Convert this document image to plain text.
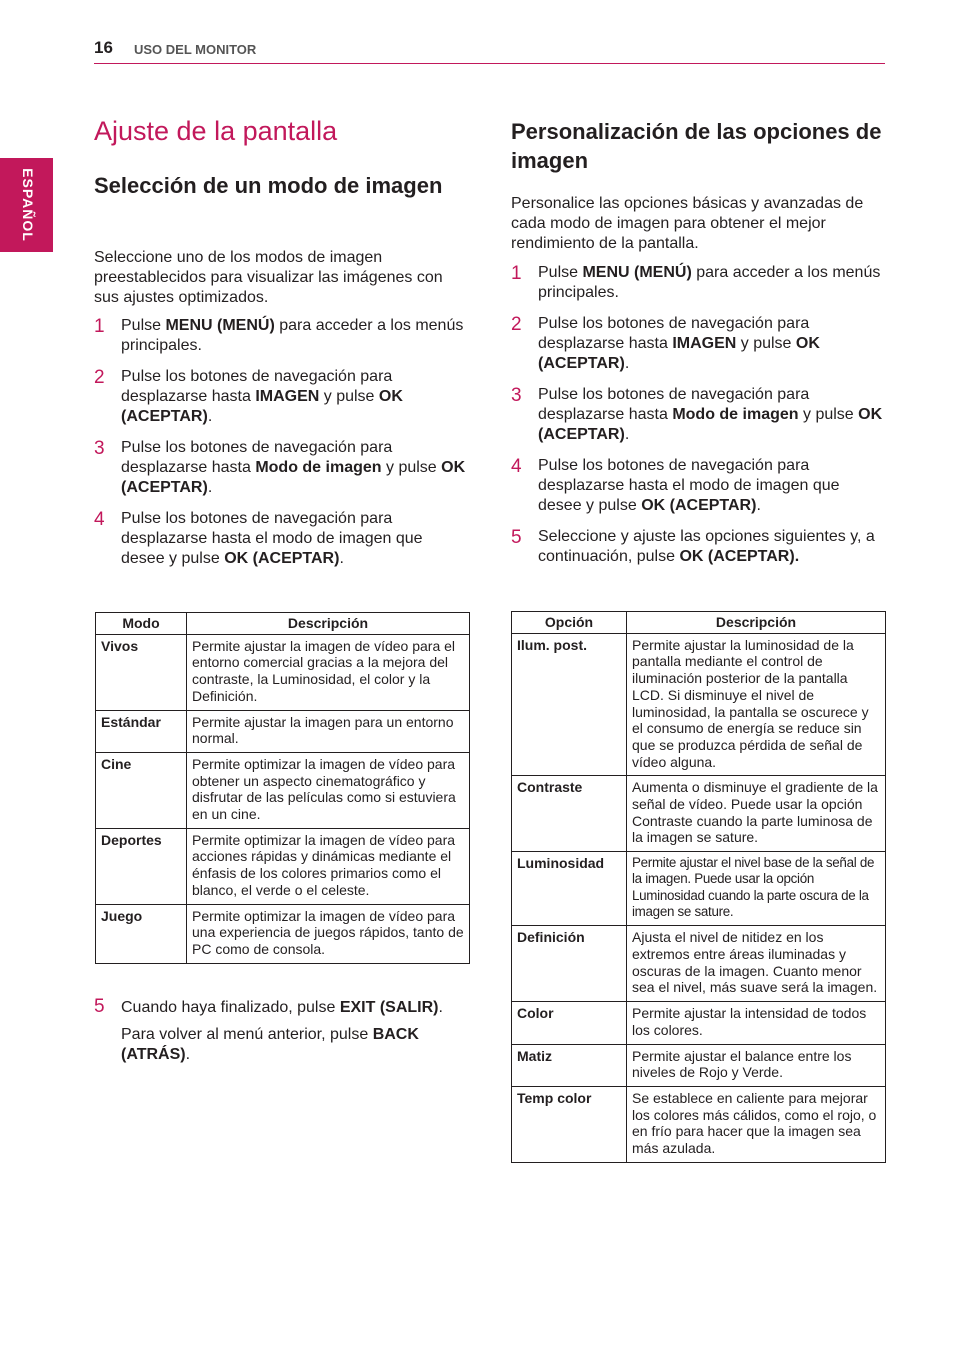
16 USO DEL MONITOR
ESPAÑOL
Ajuste de la pantalla
Selección de un modo de imagen

Seleccione uno de los modos de imagen preestablecidos para visualizar las imágenes con sus ajustes optimizados.

1 Pulse MENU (MENÚ) para acceder a los menús principales.
2 Pulse los botones de navegación para desplazarse hasta IMAGEN y pulse OK (ACEPTAR).
3 Pulse los botones de navegación para desplazarse hasta Modo de imagen y pulse OK (ACEPTAR).
4 Pulse los botones de navegación para desplazarse hasta el modo de imagen que desee y pulse OK (ACEPTAR).
Modo	Descripción
Vivos	Permite ajustar la imagen de vídeo para el entorno comercial gracias a la mejora del contraste, la Luminosidad, el color y la Definición.
Estándar	Permite ajustar la imagen para un entorno normal.
Cine	Permite optimizar la imagen de vídeo para obtener un aspecto cinematográfico y disfrutar de las películas como si estuviera en un cine.
Deportes	Permite optimizar la imagen de vídeo para acciones rápidas y dinámicas mediante el énfasis de los colores primarios como el blanco, el verde o el celeste.
Juego	Permite optimizar la imagen de vídeo para una experiencia de juegos rápidos, tanto de PC como de consola.
5 Cuando haya finalizado, pulse EXIT (SALIR).
Para volver al menú anterior, pulse BACK (ATRÁS).
Personalización de las opciones de imagen

Personalice las opciones básicas y avanzadas de cada modo de imagen para obtener el mejor rendimiento de la pantalla.

1 Pulse MENU (MENÚ) para acceder a los menús principales.
2 Pulse los botones de navegación para desplazarse hasta IMAGEN y pulse OK (ACEPTAR).
3 Pulse los botones de navegación para desplazarse hasta Modo de imagen y pulse OK (ACEPTAR).
4 Pulse los botones de navegación para desplazarse hasta el modo de imagen que desee y pulse OK (ACEPTAR).
5 Seleccione y ajuste las opciones siguientes y, a continuación, pulse OK (ACEPTAR).
Opción	Descripción
Ilum. post.	Permite ajustar la luminosidad de la pantalla mediante el control de iluminación posterior de la pantalla LCD. Si disminuye el nivel de luminosidad, la pantalla se oscurece y el consumo de energía se reduce sin que se produzca pérdida de señal de vídeo alguna.
Contraste	Aumenta o disminuye el gradiente de la señal de vídeo. Puede usar la opción Contraste cuando la parte luminosa de la imagen se sature.
Luminosidad	Permite ajustar el nivel base de la señal de la imagen. Puede usar la opción Luminosidad cuando la parte oscura de la imagen se sature.
Definición	Ajusta el nivel de nitidez en los extremos entre áreas iluminadas y oscuras de la imagen. Cuanto menor sea el nivel, más suave será la imagen.
Color	Permite ajustar la intensidad de todos los colores.
Matiz	Permite ajustar el balance entre los niveles de Rojo y Verde.
Temp color	Se establece en caliente para mejorar los colores más cálidos, como el rojo, o en frío para hacer que la imagen sea más azulada.
